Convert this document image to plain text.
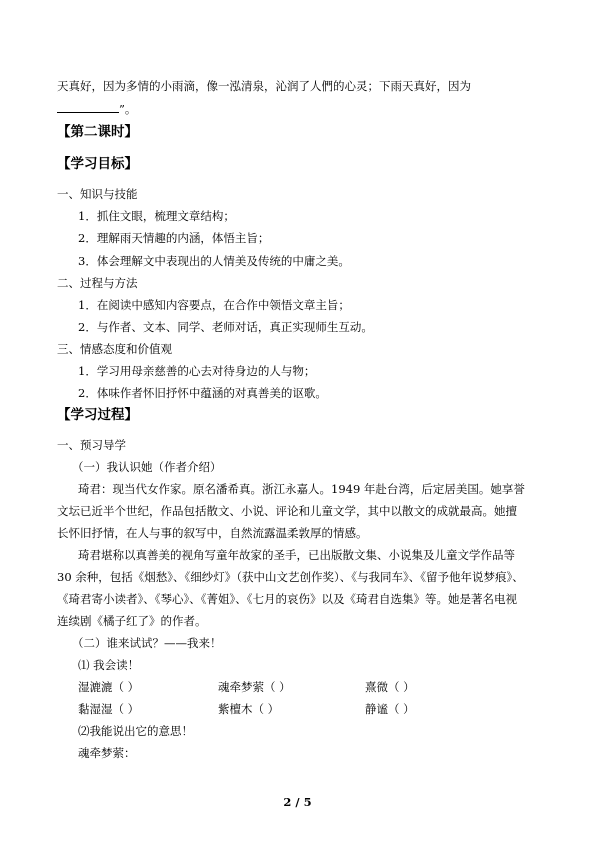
天真好，因为多情的小雨滴，像一泓清泉，沁润了人們的心灵；下雨天真好，因为
”。
【第二课时】
【学习目标】
一、知识与技能
1．抓住文眼，梳理文章结构；
2．理解雨天情趣的内涵，体悟主旨；
3．体会理解文中表现出的人情美及传统的中庸之美。
二、过程与方法
1．在阅读中感知内容要点，在合作中领悟文章主旨；
2．与作者、文本、同学、老师对话，真正实现师生互动。
三、情感态度和价值观
1．学习用母亲慈善的心去对待身边的人与物；
2．体味作者怀旧抒怀中蕴涵的对真善美的讴歌。
【学习过程】
一、预习导学
（一）我认识她（作者介绍）
琦君：现当代女作家。原名潘希真。浙江永嘉人。1949 年赴台湾，后定居美国。她享誉
文坛已近半个世纪，作品包括散文、小说、评论和儿童文学，其中以散文的成就最高。她擅
长怀旧抒情，在人与事的叙写中，自然流露温柔敦厚的情感。
琦君堪称以真善美的视角写童年故家的圣手，已出版散文集、小说集及儿童文学作品等
30 余种，包括《烟愁》、《细纱灯》（获中山文艺创作奖）、《与我同车》、《留予他年说梦痕》、
《琦君寄小读者》、《琴心》、《菁姐》、《七月的哀伤》以及《琦君自选集》等。她是著名电视
连续剧《橘子红了》的作者。
（二）谁来试试？——我来！
⑴ 我会读！
湿漉漉（ ）	魂牵梦萦（ ）	熹微（ ）
黏湿湿（ ）	紫檀木（ ）	静谧（ ）
⑵我能说出它的意思！
魂牵梦萦：
2 / 5
